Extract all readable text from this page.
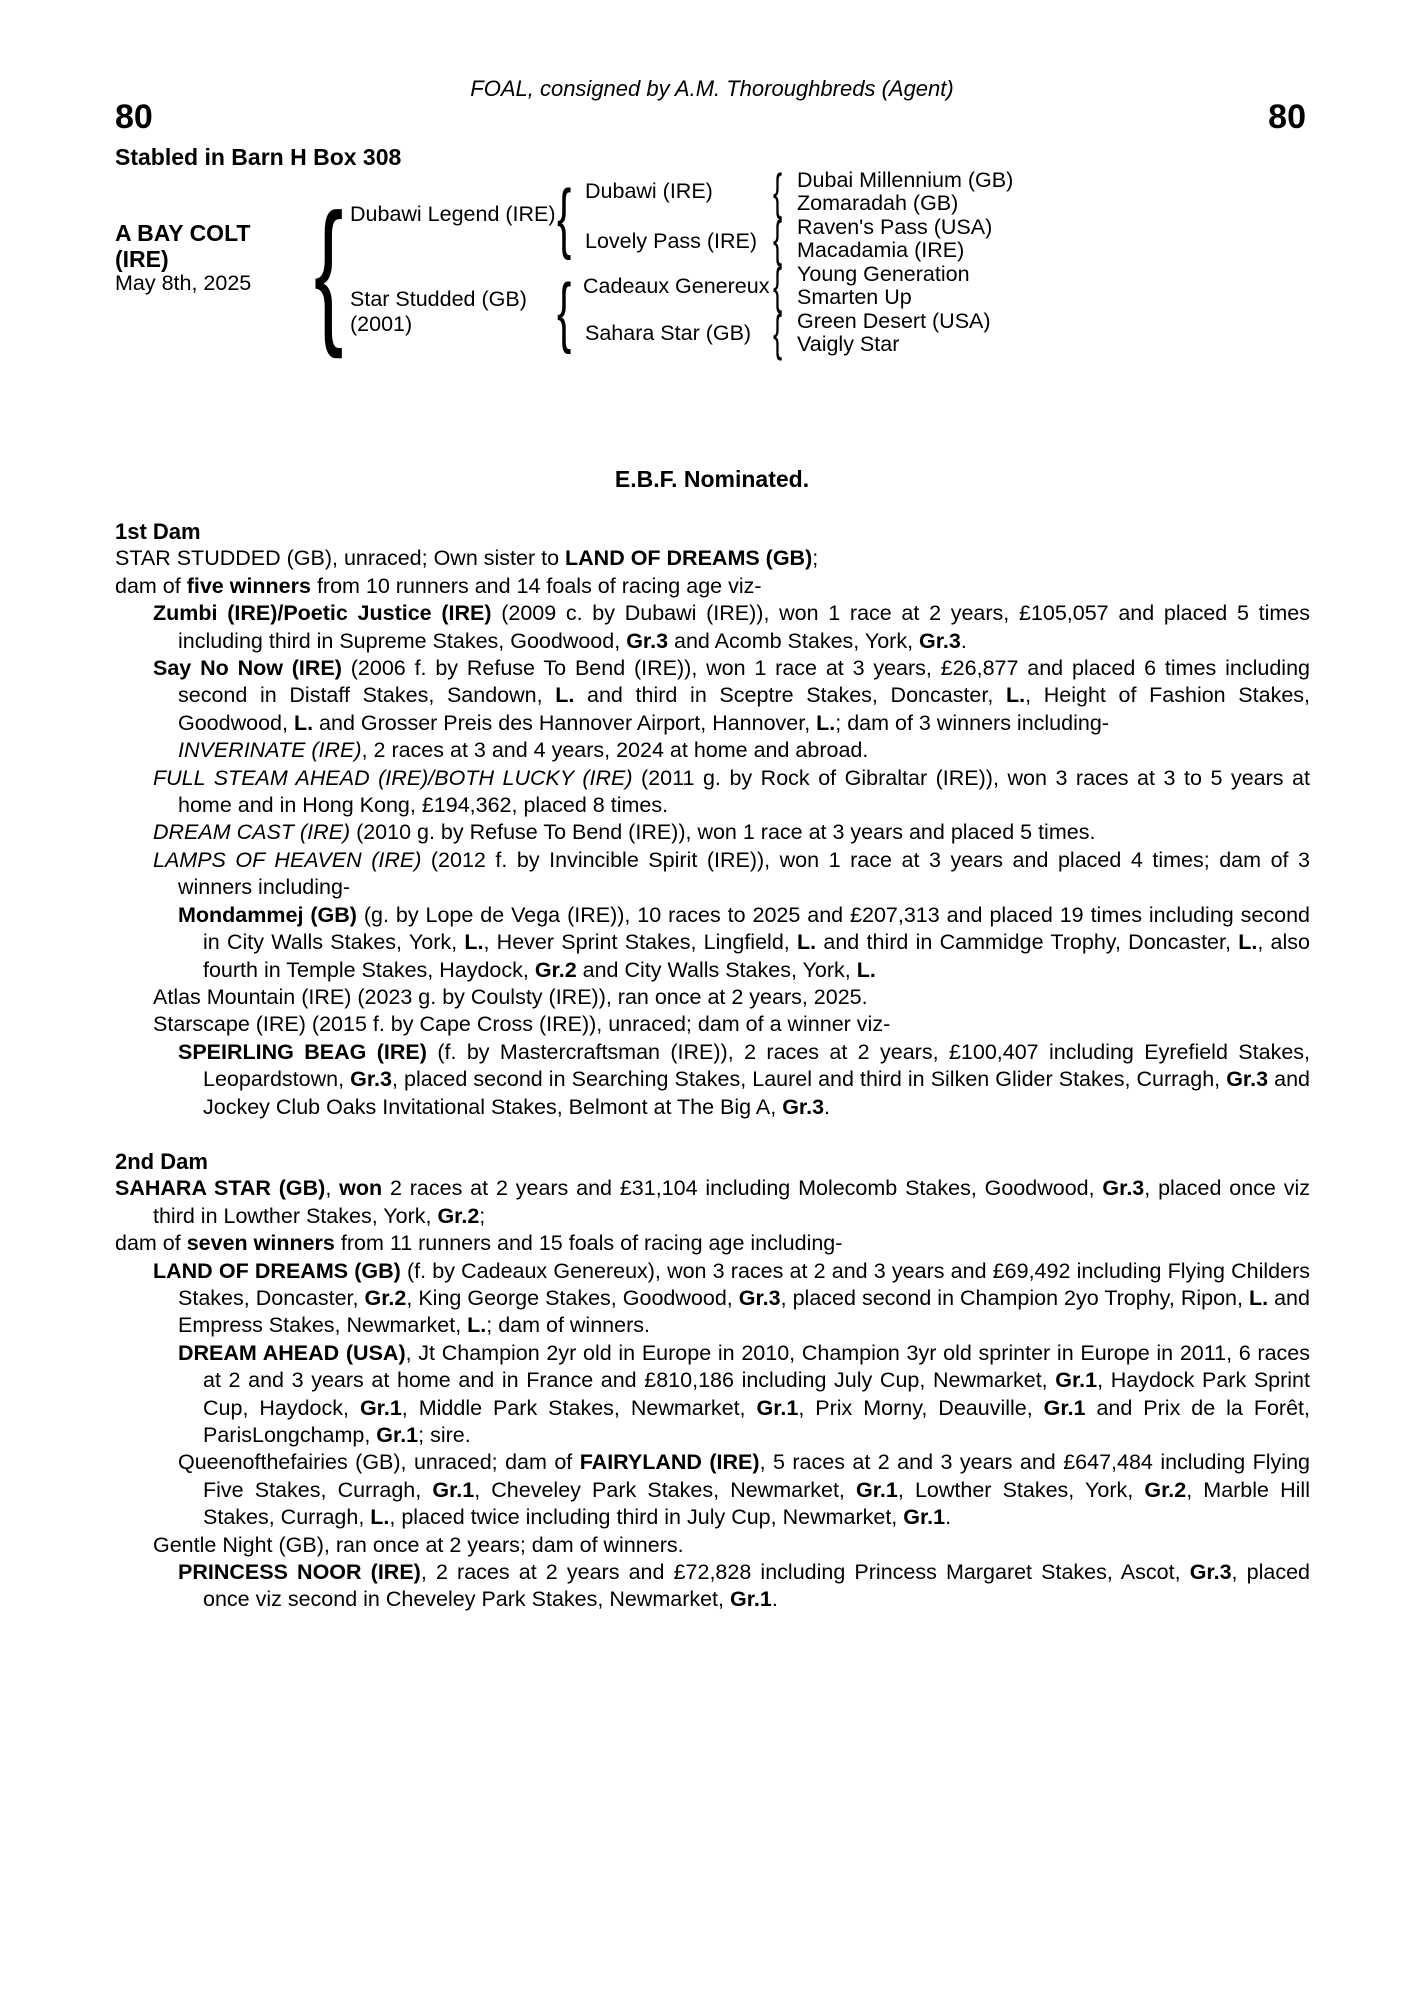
FOAL, consigned by A.M. Thoroughbreds (Agent)
80	80
Stabled in Barn H Box 308
A BAY COLT
(IRE)
May 8th, 2025 { Dubawi Legend (IRE)
Star Studded (GB)
(2001)
{
{
Dubawi (IRE)
Lovely Pass (IRE)
Cadeaux Genereux
Sahara Star (GB)
{
{
{
{
Dubai Millennium (GB)
Zomaradah (GB)
Raven's Pass (USA)
Macadamia (IRE)
Young Generation
Smarten Up
Green Desert (USA)
Vaigly Star
E.B.F. Nominated.
1st Dam

STAR STUDDED (GB), unraced; Own sister to LAND OF DREAMS (GB);

dam of five winners from 10 runners and 14 foals of racing age viz-

Zumbi (IRE)/Poetic Justice (IRE) (2009 c. by Dubawi (IRE)), won 1 race at 2 years, £105,057 and placed 5 times including third in Supreme Stakes, Goodwood, Gr.3 and Acomb Stakes, York, Gr.3.

Say No Now (IRE) (2006 f. by Refuse To Bend (IRE)), won 1 race at 3 years, £26,877 and placed 6 times including second in Distaff Stakes, Sandown, L. and third in Sceptre Stakes, Doncaster, L., Height of Fashion Stakes, Goodwood, L. and Grosser Preis des Hannover Airport, Hannover, L.; dam of 3 winners including-

INVERINATE (IRE), 2 races at 3 and 4 years, 2024 at home and abroad.

FULL STEAM AHEAD (IRE)/BOTH LUCKY (IRE) (2011 g. by Rock of Gibraltar (IRE)), won 3 races at 3 to 5 years at home and in Hong Kong, £194,362, placed 8 times.

DREAM CAST (IRE) (2010 g. by Refuse To Bend (IRE)), won 1 race at 3 years and placed 5 times.

LAMPS OF HEAVEN (IRE) (2012 f. by Invincible Spirit (IRE)), won 1 race at 3 years and placed 4 times; dam of 3 winners including-

Mondammej (GB) (g. by Lope de Vega (IRE)), 10 races to 2025 and £207,313 and placed 19 times including second in City Walls Stakes, York, L., Hever Sprint Stakes, Lingfield, L. and third in Cammidge Trophy, Doncaster, L., also fourth in Temple Stakes, Haydock, Gr.2 and City Walls Stakes, York, L.

Atlas Mountain (IRE) (2023 g. by Coulsty (IRE)), ran once at 2 years, 2025.

Starscape (IRE) (2015 f. by Cape Cross (IRE)), unraced; dam of a winner viz-

SPEIRLING BEAG (IRE) (f. by Mastercraftsman (IRE)), 2 races at 2 years, £100,407 including Eyrefield Stakes, Leopardstown, Gr.3, placed second in Searching Stakes, Laurel and third in Silken Glider Stakes, Curragh, Gr.3 and Jockey Club Oaks Invitational Stakes, Belmont at The Big A, Gr.3.

2nd Dam

SAHARA STAR (GB), won 2 races at 2 years and £31,104 including Molecomb Stakes, Goodwood, Gr.3, placed once viz third in Lowther Stakes, York, Gr.2;

dam of seven winners from 11 runners and 15 foals of racing age including-

LAND OF DREAMS (GB) (f. by Cadeaux Genereux), won 3 races at 2 and 3 years and £69,492 including Flying Childers Stakes, Doncaster, Gr.2, King George Stakes, Goodwood, Gr.3, placed second in Champion 2yo Trophy, Ripon, L. and Empress Stakes, Newmarket, L.; dam of winners.

DREAM AHEAD (USA), Jt Champion 2yr old in Europe in 2010, Champion 3yr old sprinter in Europe in 2011, 6 races at 2 and 3 years at home and in France and £810,186 including July Cup, Newmarket, Gr.1, Haydock Park Sprint Cup, Haydock, Gr.1, Middle Park Stakes, Newmarket, Gr.1, Prix Morny, Deauville, Gr.1 and Prix de la Forêt, ParisLongchamp, Gr.1; sire.

Queenofthefairies (GB), unraced; dam of FAIRYLAND (IRE), 5 races at 2 and 3 years and £647,484 including Flying Five Stakes, Curragh, Gr.1, Cheveley Park Stakes, Newmarket, Gr.1, Lowther Stakes, York, Gr.2, Marble Hill Stakes, Curragh, L., placed twice including third in July Cup, Newmarket, Gr.1.

Gentle Night (GB), ran once at 2 years; dam of winners.

PRINCESS NOOR (IRE), 2 races at 2 years and £72,828 including Princess Margaret Stakes, Ascot, Gr.3, placed once viz second in Cheveley Park Stakes, Newmarket, Gr.1.
